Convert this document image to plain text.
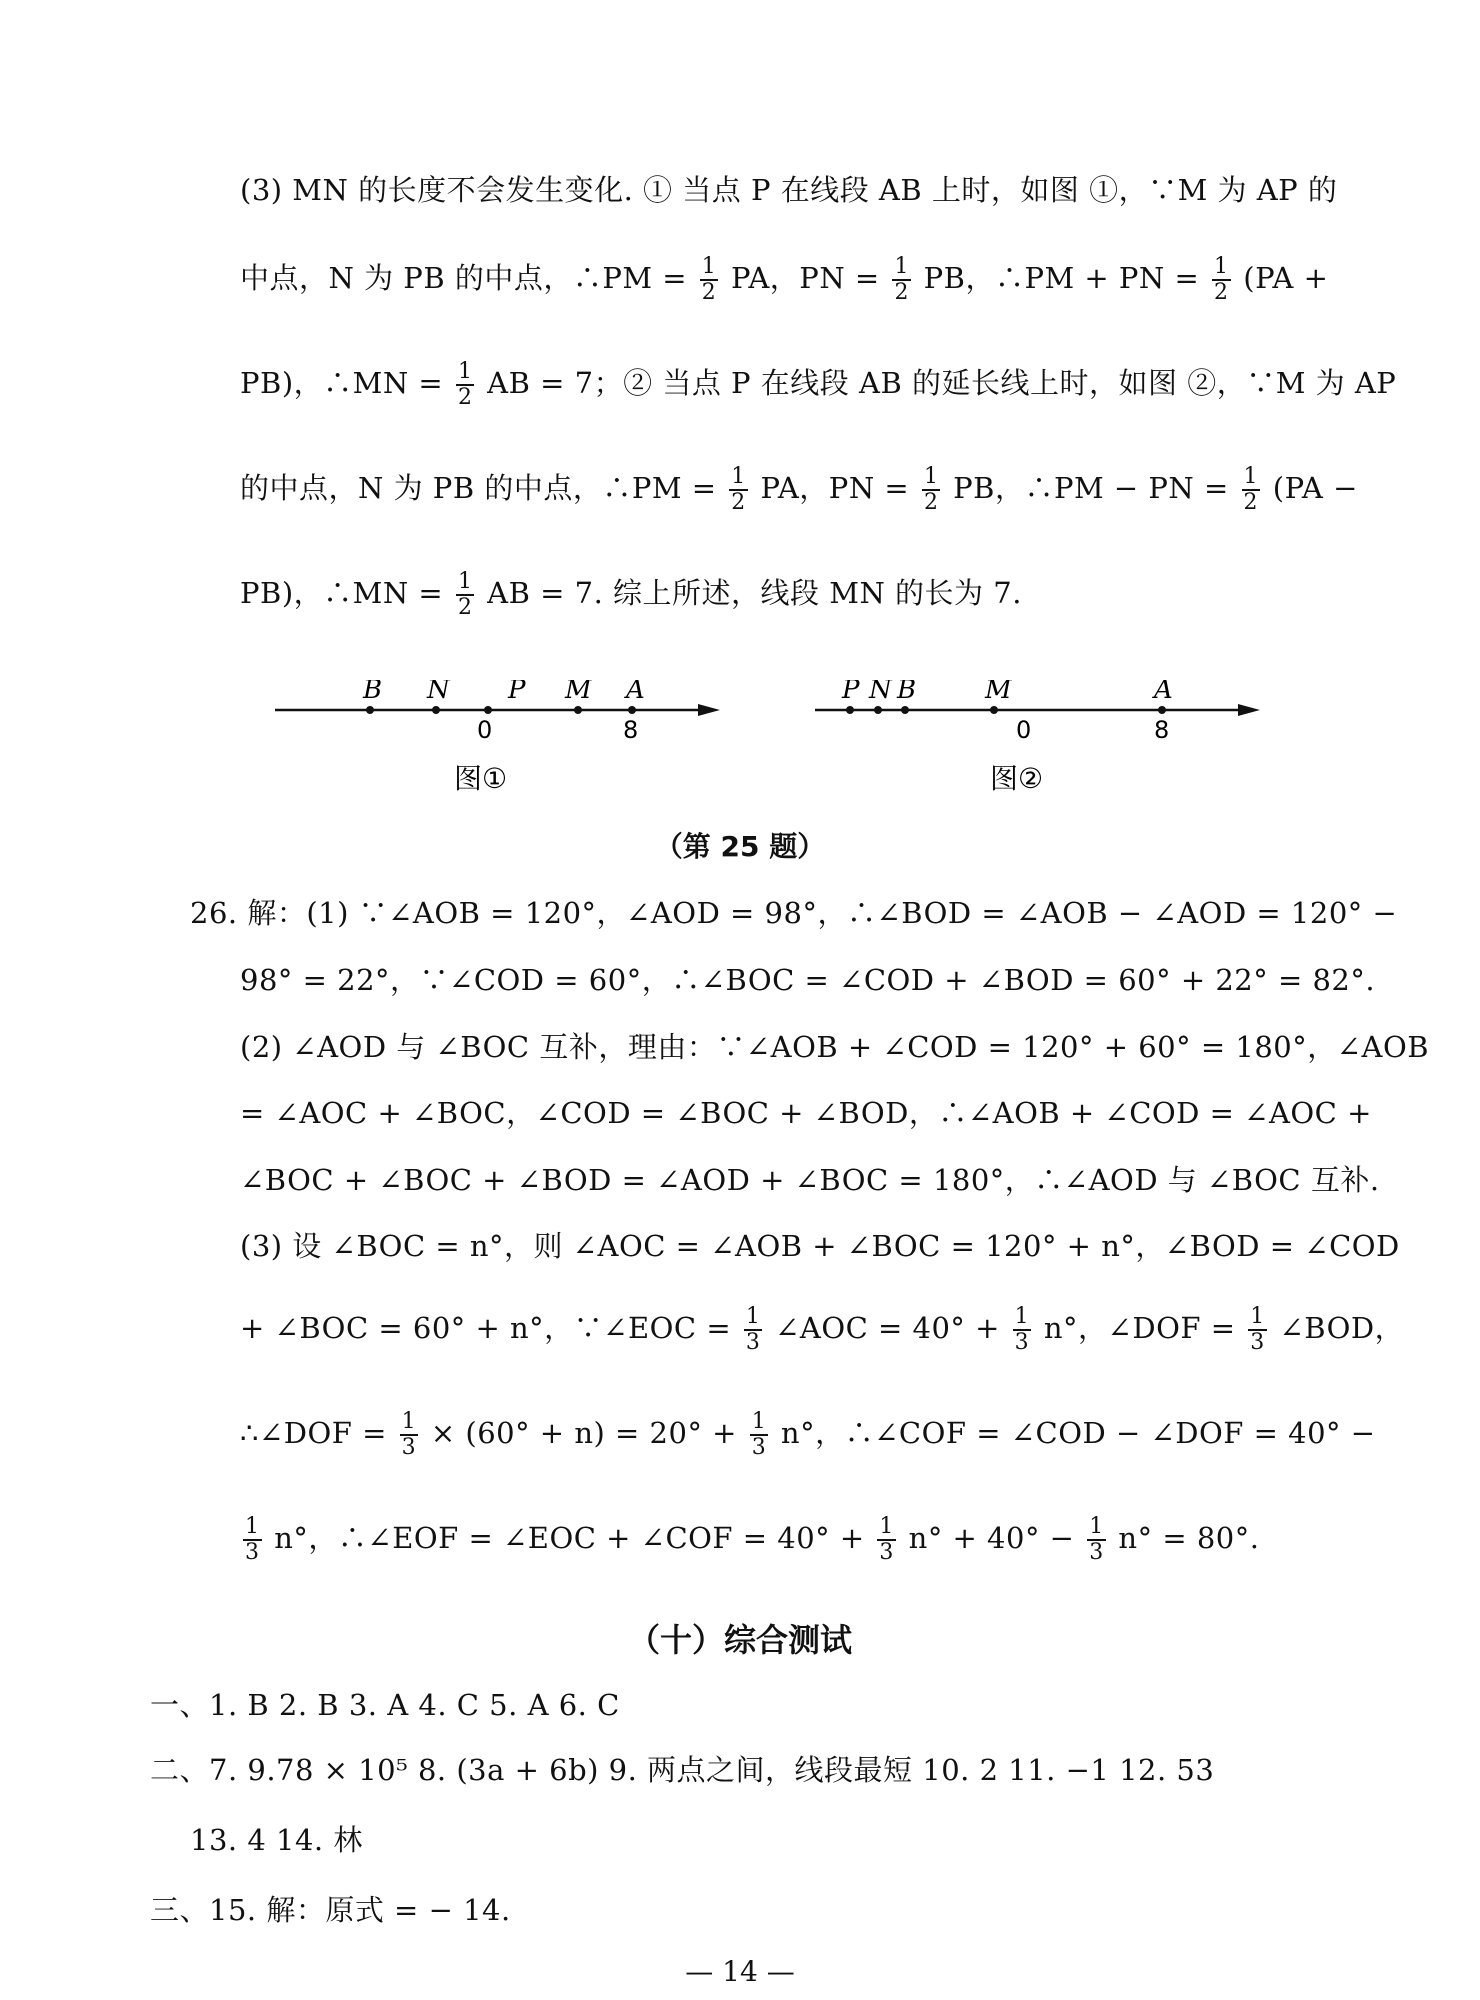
(3) MN 的长度不会发生变化. ① 当点 P 在线段 AB 上时，如图 ①，∵M 为 AP 的
中点，N 为 PB 的中点，∴PM = $\frac{1}{2}$ PA，PN = $\frac{1}{2}$ PB，∴PM + PN = $\frac{1}{2} (PA$ +
PB)，∴MN = $\frac{1}{2}$ AB = 7；② 当点 P 在线段 AB 的延长线上时，如图 ②，∵M 为 AP
的中点，N 为 PB 的中点，∴PM = $\frac{1}{2}$ PA，PN = $\frac{1}{2}$ PB，∴PM − PN = $\frac{1}{2} (PA$ −
PB)，∴MN = $\frac{1}{2}$ AB = 7. 综上所述，线段 MN 的长为 7.
B N P M A
0	8
图①
P N B	M	A
0	8
图②
（第 25 题）
26. 解：(1) ∵∠AOB = 120°，∠AOD = 98°，∴∠BOD = ∠AOB − ∠AOD = 120° −
98° = 22°，∵∠COD = 60°，∴∠BOC = ∠COD + ∠BOD = 60° + 22° = 82°.
(2) ∠AOD 与 ∠BOC 互补，理由：∵∠AOB + ∠COD = 120° + 60° = 180°，∠AOB
= ∠AOC + ∠BOC，∠COD = ∠BOC + ∠BOD，∴∠AOB + ∠COD = ∠AOC +
∠BOC + ∠BOC + ∠BOD = ∠AOD + ∠BOC = 180°，∴∠AOD 与 ∠BOC 互补.
(3) 设 ∠BOC = n°，则 ∠AOC = ∠AOB + ∠BOC = 120° + n°，∠BOD = ∠COD
+ ∠BOC = 60° + n°，∵∠EOC = $\frac{1}{3}$ ∠AOC = $40^\circ + \frac{1}{3} n^\circ$，∠DOF = $\frac{1}{3}$ ∠BOD，
∴∠DOF = $\frac{1}{3} \times (60^\circ + n) = 20^\circ + \frac{1}{3} n^\circ$，∴∠COF = ∠COD − ∠DOF = 40° −
$\frac{1}{3} n^\circ$，∴∠EOF = ∠EOC + ∠COF = $40^\circ + \frac{1}{3} n^\circ + 40^\circ - \frac{1}{3} n^\circ = 80^\circ$.
（十）综合测试
一、1. B 2. B 3. A 4. C 5. A 6. C
二、7. 9.78 × 10⁵ 8. (3a + 6b) 9. 两点之间，线段最短 10. 2 11. −1 12. 53
13. 4 14. 林
三、15. 解：原式 = − 14.
— 14 —
